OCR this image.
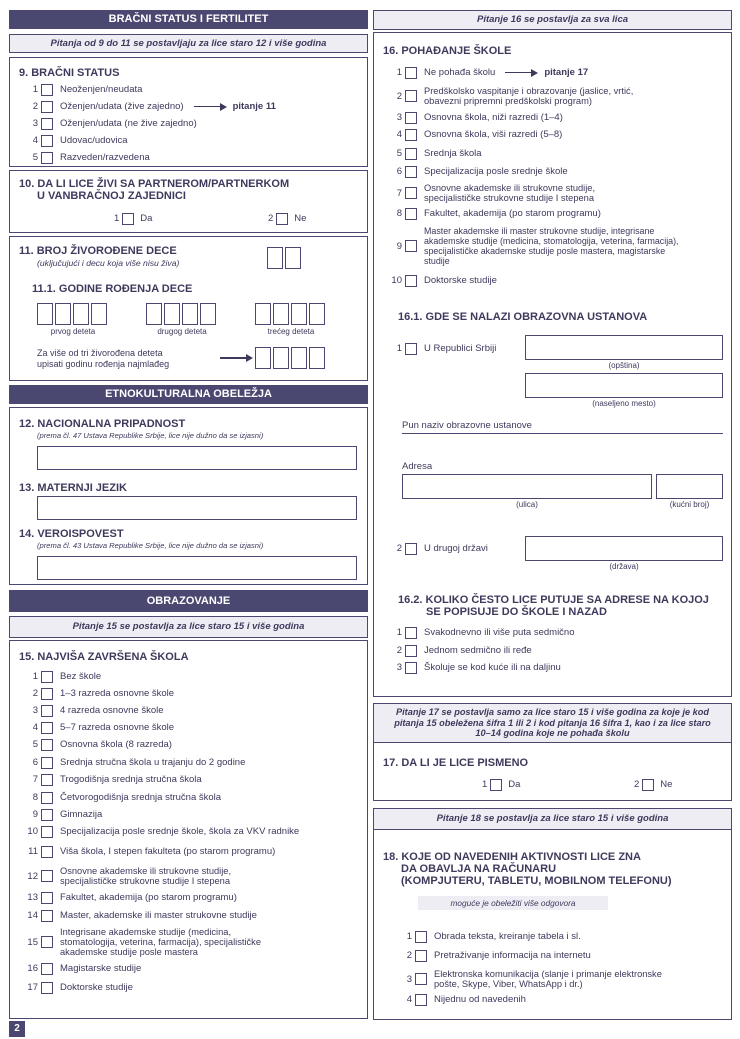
BRAČNI STATUS I FERTILITET
Pitanja od 9 do 11 se postavljaju za lice staro 12 i više godina
9. BRAČNI STATUS
1 Neoženjen/neudata
2 Oženjen/udata (žive zajedno)	pitanje 11
3 Oženjen/udata (ne žive zajedno)
4 Udovac/udovica
5 Razveden/razvedena
10. DA LI LICE ŽIVI SA PARTNEROM/PARTNERKOM
U VANBRAČNOJ ZAJEDNICI
1 Da	2 Ne
11. BROJ ŽIVOROĐENE DECE
(uključujući i decu koja više nisu živa)
11.1. GODINE ROĐENJA DECE
prvog deteta	drugog deteta	trećeg deteta
Za više od tri živorođena deteta
upisati godinu rođenja najmlađeg
ETNOKULTURALNA OBELEŽJA
12. NACIONALNA PRIPADNOST
(prema čl. 47 Ustava Republike Srbije, lice nije dužno da se izjasni)
13. MATERNJI JEZIK
14. VEROISPOVEST
(prema čl. 43 Ustava Republike Srbije, lice nije dužno da se izjasni)
OBRAZOVANJE
Pitanje 15 se postavlja za lice staro 15 i više godina
15. NAJVIŠA ZAVRŠENA ŠKOLA
1 Bez škole
2 1–3 razreda osnovne škole
3 4 razreda osnovne škole
4 5–7 razreda osnovne škole
5 Osnovna škola (8 razreda)
6 Srednja stručna škola u trajanju do 2 godine
7 Trogodišnja srednja stručna škola
8 Četvorogodišnja srednja stručna škola
9 Gimnazija
10 Specijalizacija posle srednje škole, škola za VKV radnike
11 Viša škola, I stepen fakulteta (po starom programu)
12 Osnovne akademske ili strukovne studije, specijalističke strukovne studije I stepena
13 Fakultet, akademija (po starom programu)
14 Master, akademske ili master strukovne studije
15
Integrisane akademske studije (medicina, stomatologija, veterina, farmacija), specijalističke akademske studije posle mastera
16 Magistarske studije
17 Doktorske studije
2
Pitanje 16 se postavlja za sva lica
16. POHAĐANJE ŠKOLE
1 Ne pohađa školu	pitanje 17
2 Predškolsko vaspitanje i obrazovanje (jaslice, vrtić, obavezni pripremni predškolski program)
3 Osnovna škola, niži razredi (1–4)
4 Osnovna škola, viši razredi (5–8)
5 Srednja škola
6 Specijalizacija posle srednje škole
7 Osnovne akademske ili strukovne studije, specijalističke strukovne studije I stepena
8 Fakultet, akademija (po starom programu)
9
Master akademske ili master strukovne studije, integrisane akademske studije (medicina, stomatologija, veterina, farmacija), specijalističke akademske studije posle mastera, magistarske studije
10 Doktorske studije
16.1. GDE SE NALAZI OBRAZOVNA USTANOVA
1 U Republici Srbiji
(opština)
(naseljeno mesto)
Pun naziv obrazovne ustanove
Adresa
(ulica)	(kućni broj)
2 U drugoj državi
(država)
16.2. KOLIKO ČESTO LICE PUTUJE SA ADRESE NA KOJOJ
SE POPISUJE DO ŠKOLE I NAZAD
1 Svakodnevno ili više puta sedmično
2 Jednom sedmično ili ređe
3 Školuje se kod kuće ili na daljinu
Pitanje 17 se postavlja samo za lice staro 15 i više godina za koje je kod pitanja 15 obeležena šifra 1 ili 2 i kod pitanja 16 šifra 1, kao i za lice staro 10–14 godina koje ne pohađa školu
17. DA LI JE LICE PISMENO
1 Da	2 Ne
Pitanje 18 se postavlja za lice staro 15 i više godina
18. KOJE OD NAVEDENIH AKTIVNOSTI LICE ZNA
DA OBAVLJA NA RAČUNARU
(KOMPJUTERU, TABLETU, MOBILNOM TELEFONU)
moguće je obeležiti više odgovora
1 Obrada teksta, kreiranje tabela i sl.
2 Pretraživanje informacija na internetu
3 Elektronska komunikacija (slanje i primanje elektronske pošte, Skype, Viber, WhatsApp i dr.)
4 Nijednu od navedenih
